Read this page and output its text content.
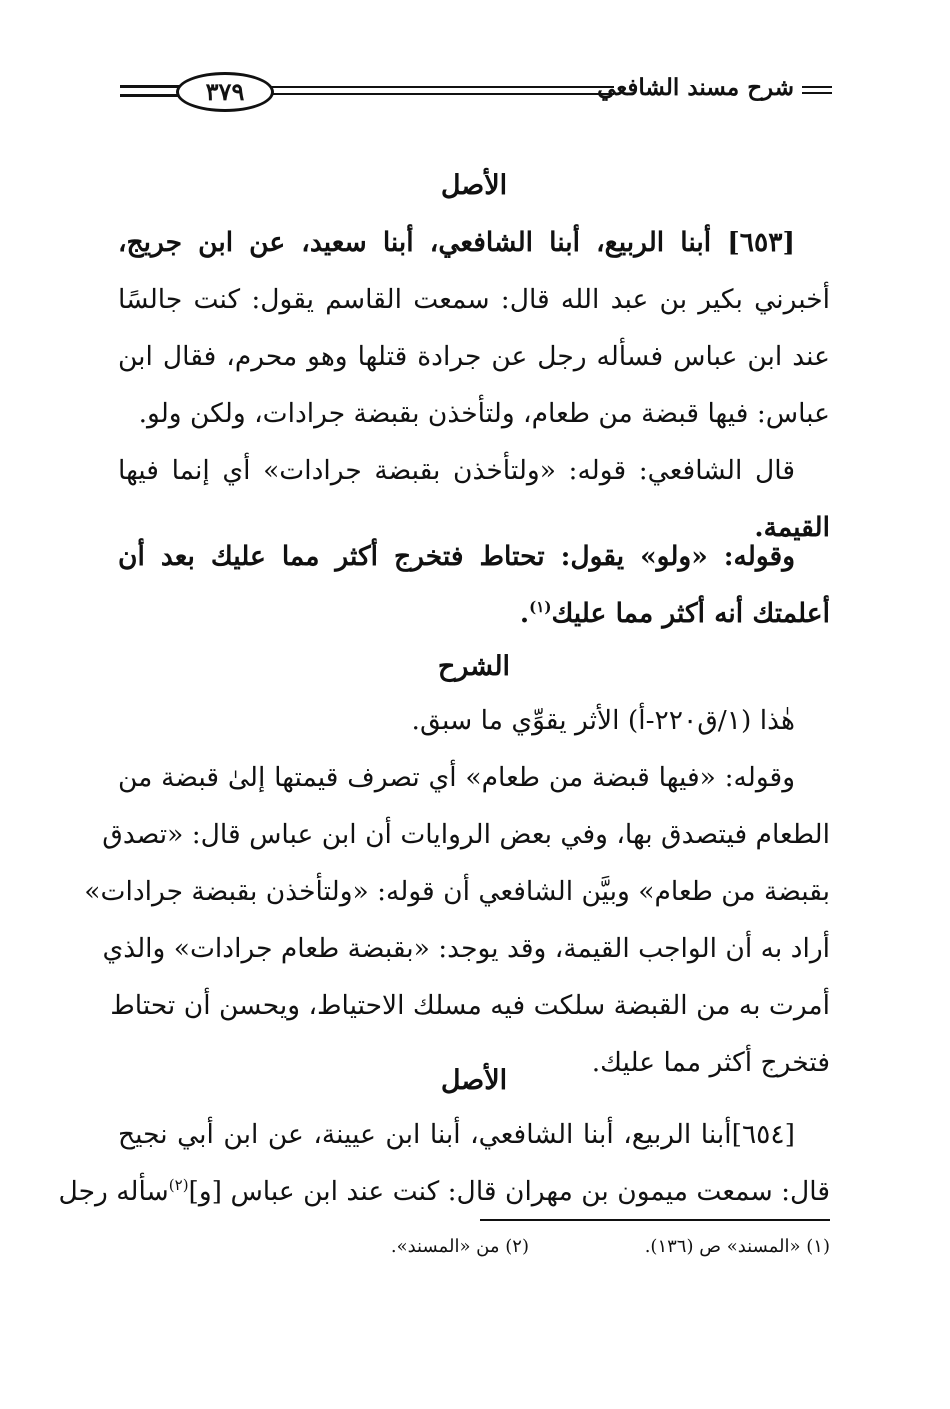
شرح مسند الشافعي
٣٧٩
الأصل
[٦٥٣] أبنا الربيع، أبنا الشافعي، أبنا سعيد، عن ابن جريج،
أخبرني بكير بن عبد الله قال: سمعت القاسم يقول: كنت جالسًا
عند ابن عباس فسأله رجل عن جرادة قتلها وهو محرم، فقال ابن
عباس: فيها قبضة من طعام، ولتأخذن بقبضة جرادات، ولكن ولو.
قال الشافعي: قوله: «ولتأخذن بقبضة جرادات» أي إنما فيها
القيمة.
وقوله: «ولو» يقول: تحتاط فتخرج أكثر مما عليك بعد أن
أعلمتك أنه أكثر مما عليك$^{(١)}$.
الشرح
هٰذا (١/ق٢٢٠-أ) الأثر يقوِّي ما سبق.
وقوله: «فيها قبضة من طعام» أي تصرف قيمتها إلىٰ قبضة من
الطعام فيتصدق بها، وفي بعض الروايات أن ابن عباس قال: «تصدق
بقبضة من طعام» وبيَّن الشافعي أن قوله: «ولتأخذن بقبضة جرادات»
أراد به أن الواجب القيمة، وقد يوجد: «بقبضة طعام جرادات» والذي
أمرت به من القبضة سلكت فيه مسلك الاحتياط، ويحسن أن تحتاط
فتخرج أكثر مما عليك.
الأصل
[٦٥٤]أبنا الربيع، أبنا الشافعي، أبنا ابن عيينة، عن ابن أبي نجيح
قال: سمعت ميمون بن مهران قال: كنت عند ابن عباس [و]$^{(٢)}$سأله رجل
(١) «المسند» ص (١٣٦). (٢) من «المسند».
